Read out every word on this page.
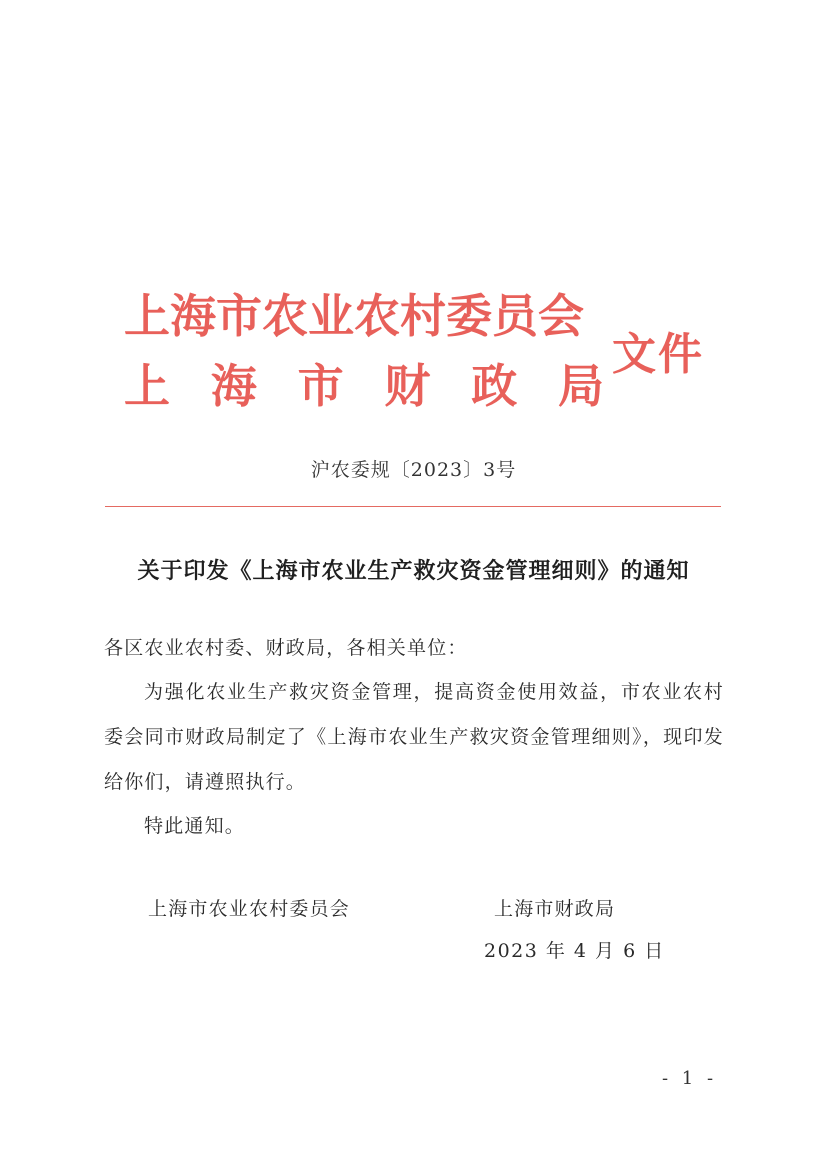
上海市农业农村委员会
上 海 市 财 政 局
文件
沪农委规〔2023〕3号
关于印发《上海市农业生产救灾资金管理细则》的通知
各区农业农村委、财政局，各相关单位：
为强化农业生产救灾资金管理，提高资金使用效益，市农业农村委会同市财政局制定了《上海市农业生产救灾资金管理细则》，现印发给你们，请遵照执行。
特此通知。
上海市农业农村委员会	上海市财政局
2023 年 4 月 6 日
- 1 -
